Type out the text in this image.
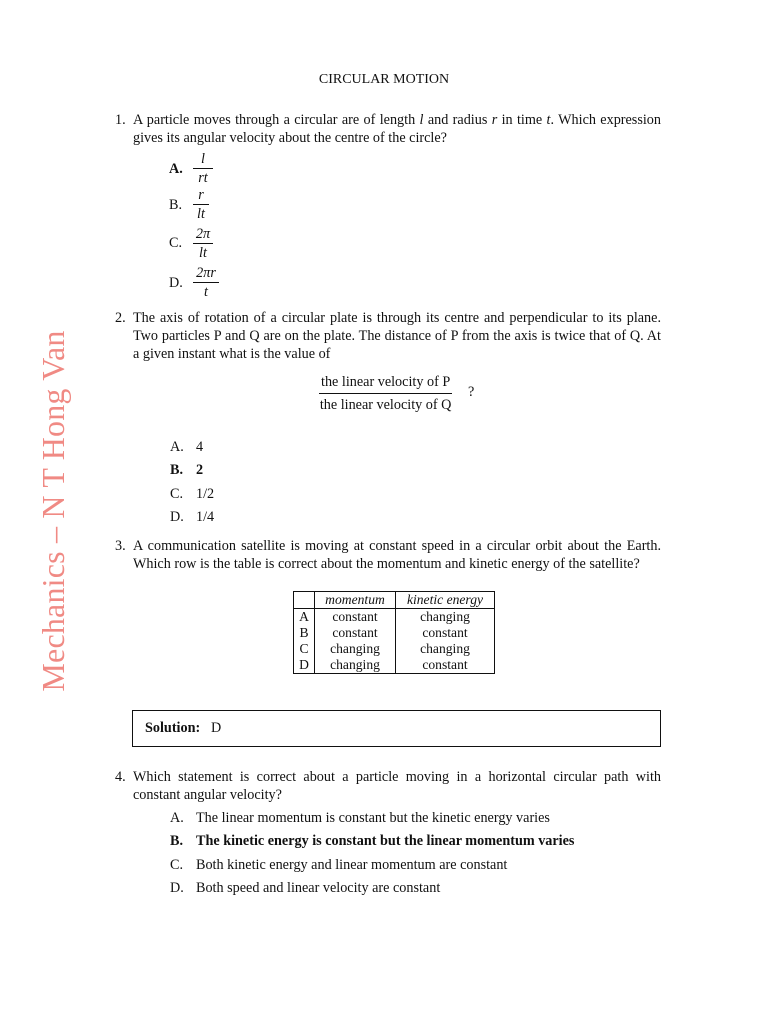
Mechanics – N T Hong Van
CIRCULAR MOTION
1. A particle moves through a circular are of length l and radius r in time t. Which expression gives its angular velocity about the centre of the circle?
A. $\frac{l}{rt}$
B. $\frac{r}{lt}$
C. $\frac{2\pi}{lt}$
D. $\frac{2\pi r}{t}$
2. The axis of rotation of a circular plate is through its centre and perpendicular to its plane. Two particles P and Q are on the plate. The distance of P from the axis is twice that of Q. At a given instant what is the value of
the linear velocity of P
the linear velocity of Q
?
A. 4
B. 2
C. 1/2
D. 1/4
3. A communication satellite is moving at constant speed in a circular orbit about the Earth. Which row is the table is correct about the momentum and kinetic energy of the satellite?
	momentum	kinetic energy
A	constant	changing
B	constant	constant
C	changing	changing
D	changing	constant
Solution: D
4. Which statement is correct about a particle moving in a horizontal circular path with constant angular velocity?
A. The linear momentum is constant but the kinetic energy varies
B. The kinetic energy is constant but the linear momentum varies
C. Both kinetic energy and linear momentum are constant
D. Both speed and linear velocity are constant
